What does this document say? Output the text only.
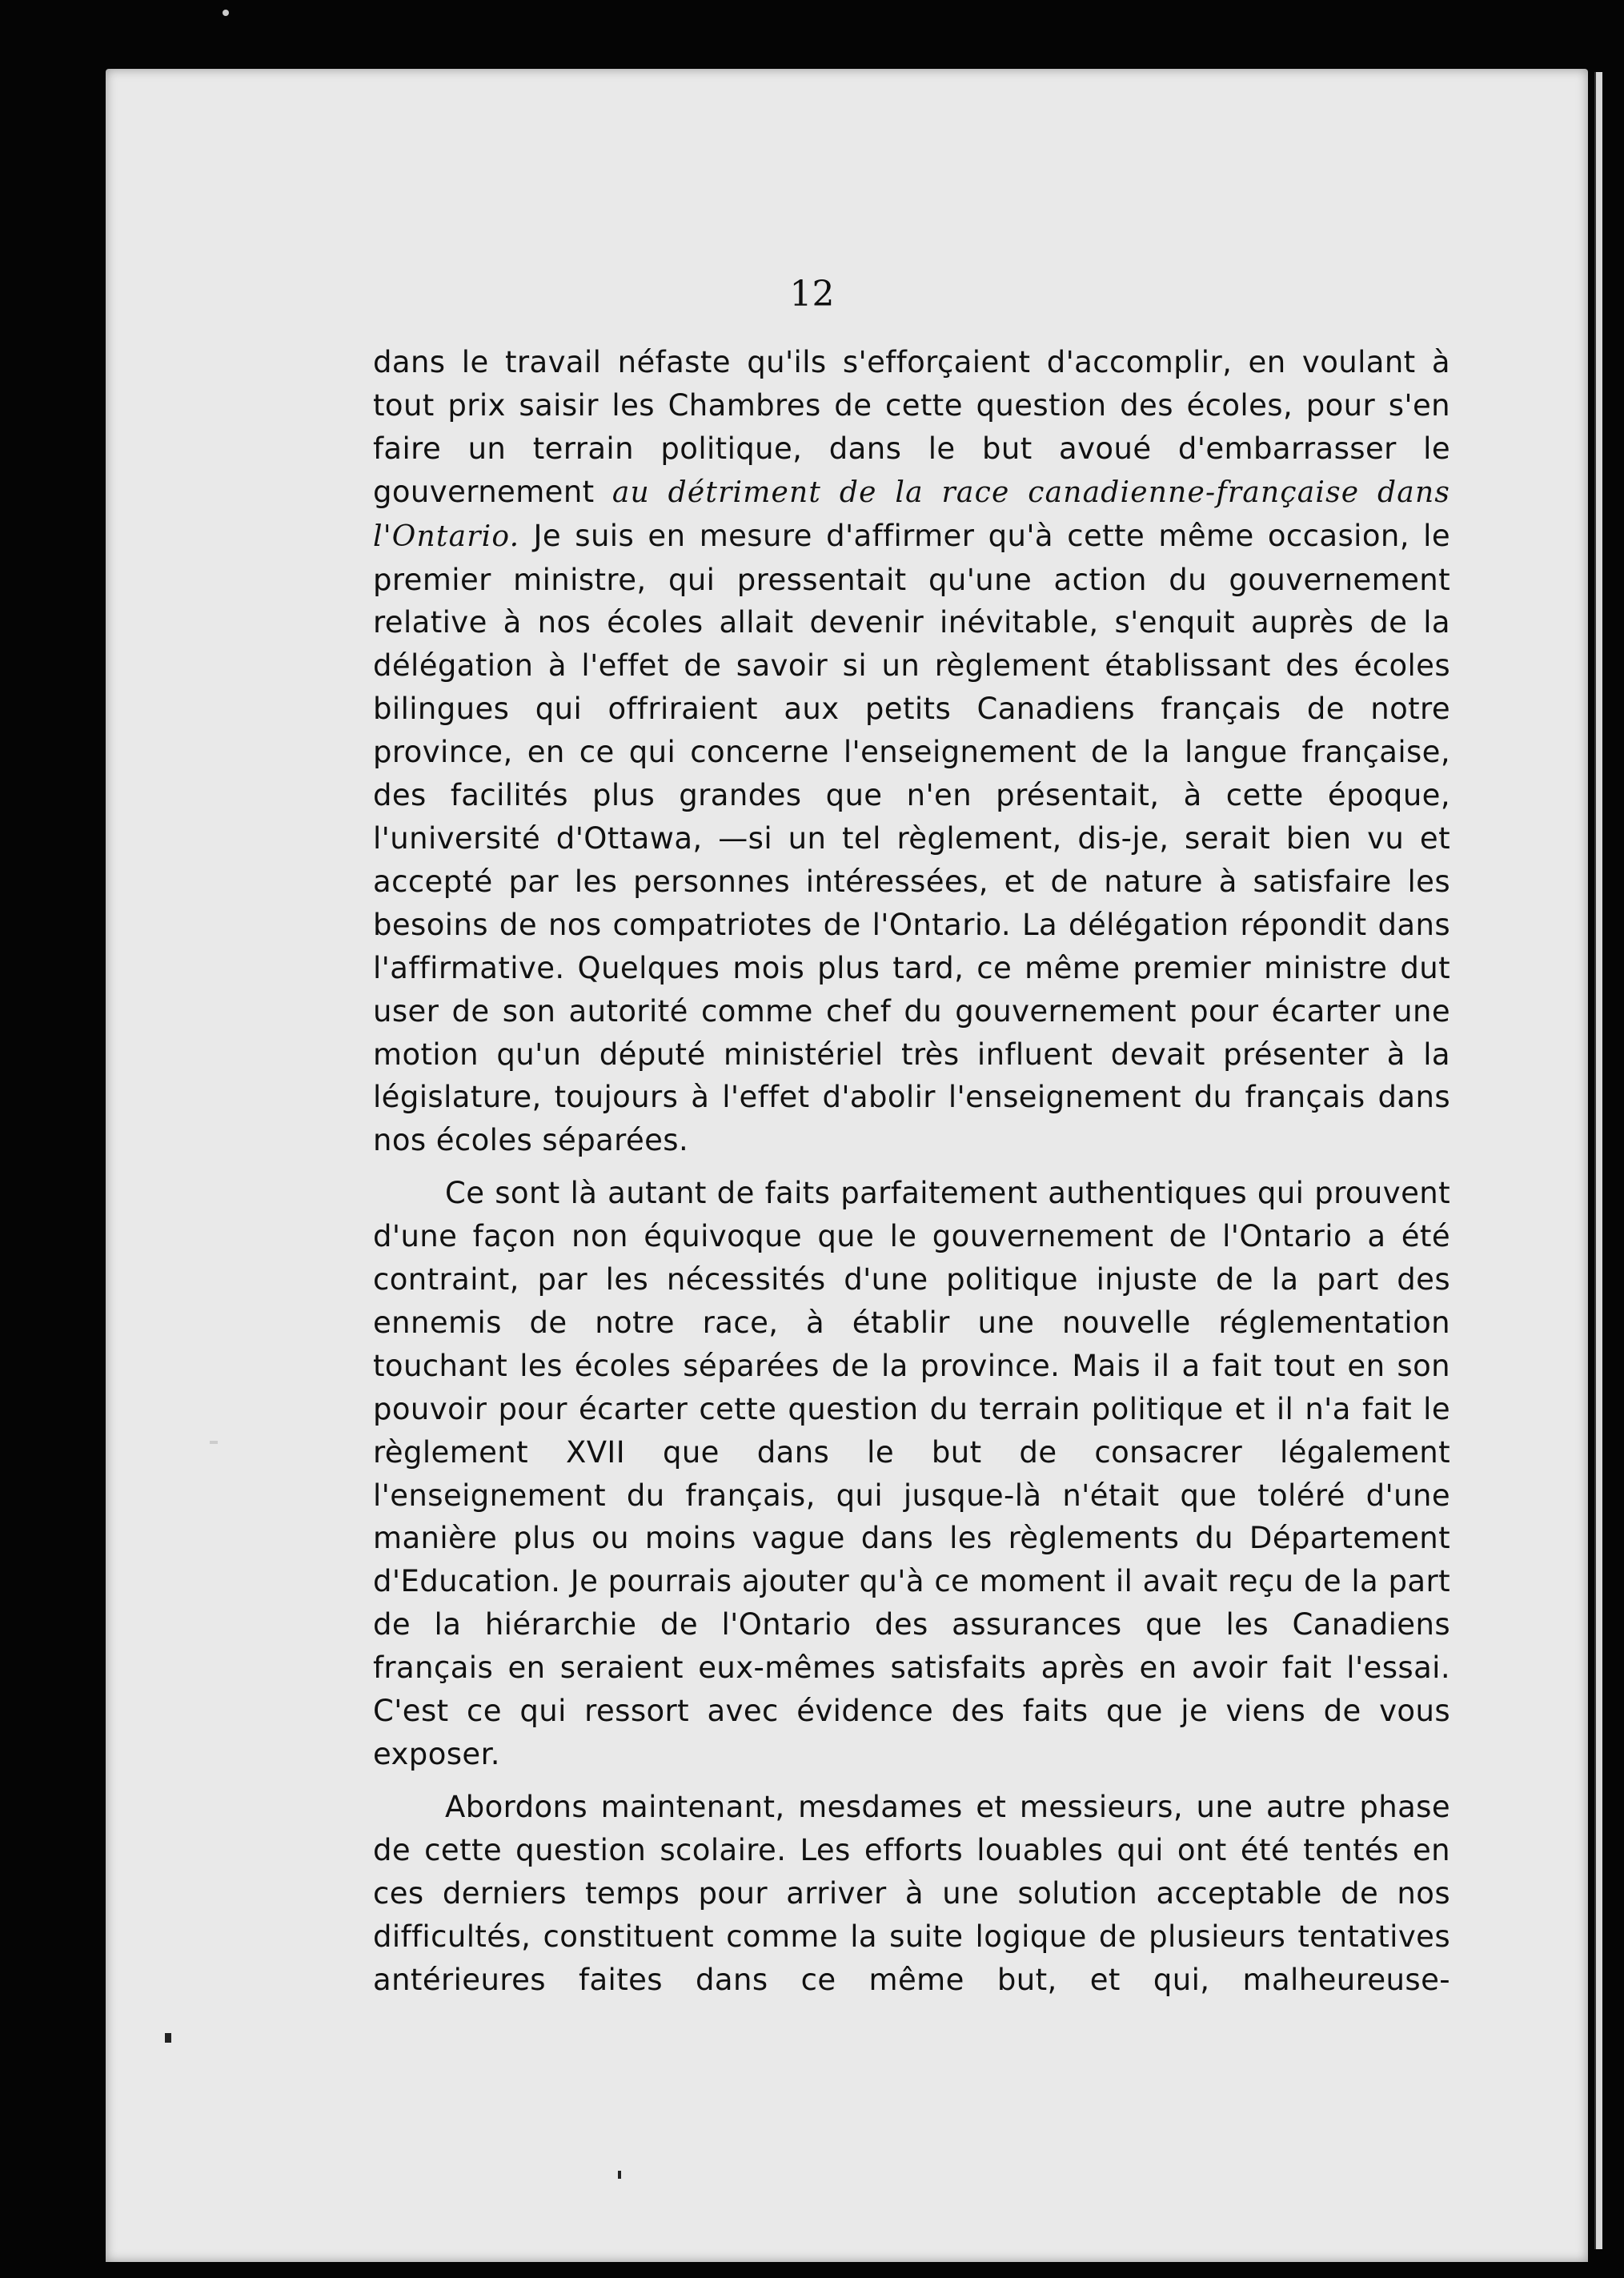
12

dans le travail néfaste qu'ils s'efforçaient d'accomplir, en voulant à tout prix saisir les Chambres de cette question des écoles, pour s'en faire un terrain politique, dans le but avoué d'embarrasser le gouvernement au détriment de la race canadienne-française dans l'Ontario. Je suis en mesure d'affirmer qu'à cette même occasion, le premier ministre, qui pressentait qu'une action du gouvernement relative à nos écoles allait devenir inévitable, s'enquit auprès de la délégation à l'effet de savoir si un règlement établissant des écoles bilingues qui offriraient aux petits Canadiens français de notre province, en ce qui concerne l'enseignement de la langue française, des facilités plus grandes que n'en présentait, à cette époque, l'université d'Ottawa, —si un tel règlement, dis-je, serait bien vu et accepté par les personnes intéressées, et de nature à satisfaire les besoins de nos compatriotes de l'Ontario. La délégation répondit dans l'affirmative. Quelques mois plus tard, ce même premier ministre dut user de son autorité comme chef du gouvernement pour écarter une motion qu'un député ministériel très influent devait présenter à la législature, toujours à l'effet d'abolir l'enseignement du français dans nos écoles séparées.

Ce sont là autant de faits parfaitement authentiques qui prouvent d'une façon non équivoque que le gouvernement de l'Ontario a été contraint, par les nécessités d'une politique injuste de la part des ennemis de notre race, à établir une nouvelle réglementation touchant les écoles séparées de la province. Mais il a fait tout en son pouvoir pour écarter cette question du terrain politique et il n'a fait le règlement XVII que dans le but de consacrer légalement l'enseignement du français, qui jusque-là n'était que toléré d'une manière plus ou moins vague dans les règlements du Département d'Education. Je pourrais ajouter qu'à ce moment il avait reçu de la part de la hiérarchie de l'Ontario des assurances que les Canadiens français en seraient eux-mêmes satisfaits après en avoir fait l'essai. C'est ce qui ressort avec évidence des faits que je viens de vous exposer.

Abordons maintenant, mesdames et messieurs, une autre phase de cette question scolaire. Les efforts louables qui ont été tentés en ces derniers temps pour arriver à une solution acceptable de nos difficultés, constituent comme la suite logique de plusieurs tentatives antérieures faites dans ce même but, et qui, malheureuse-
